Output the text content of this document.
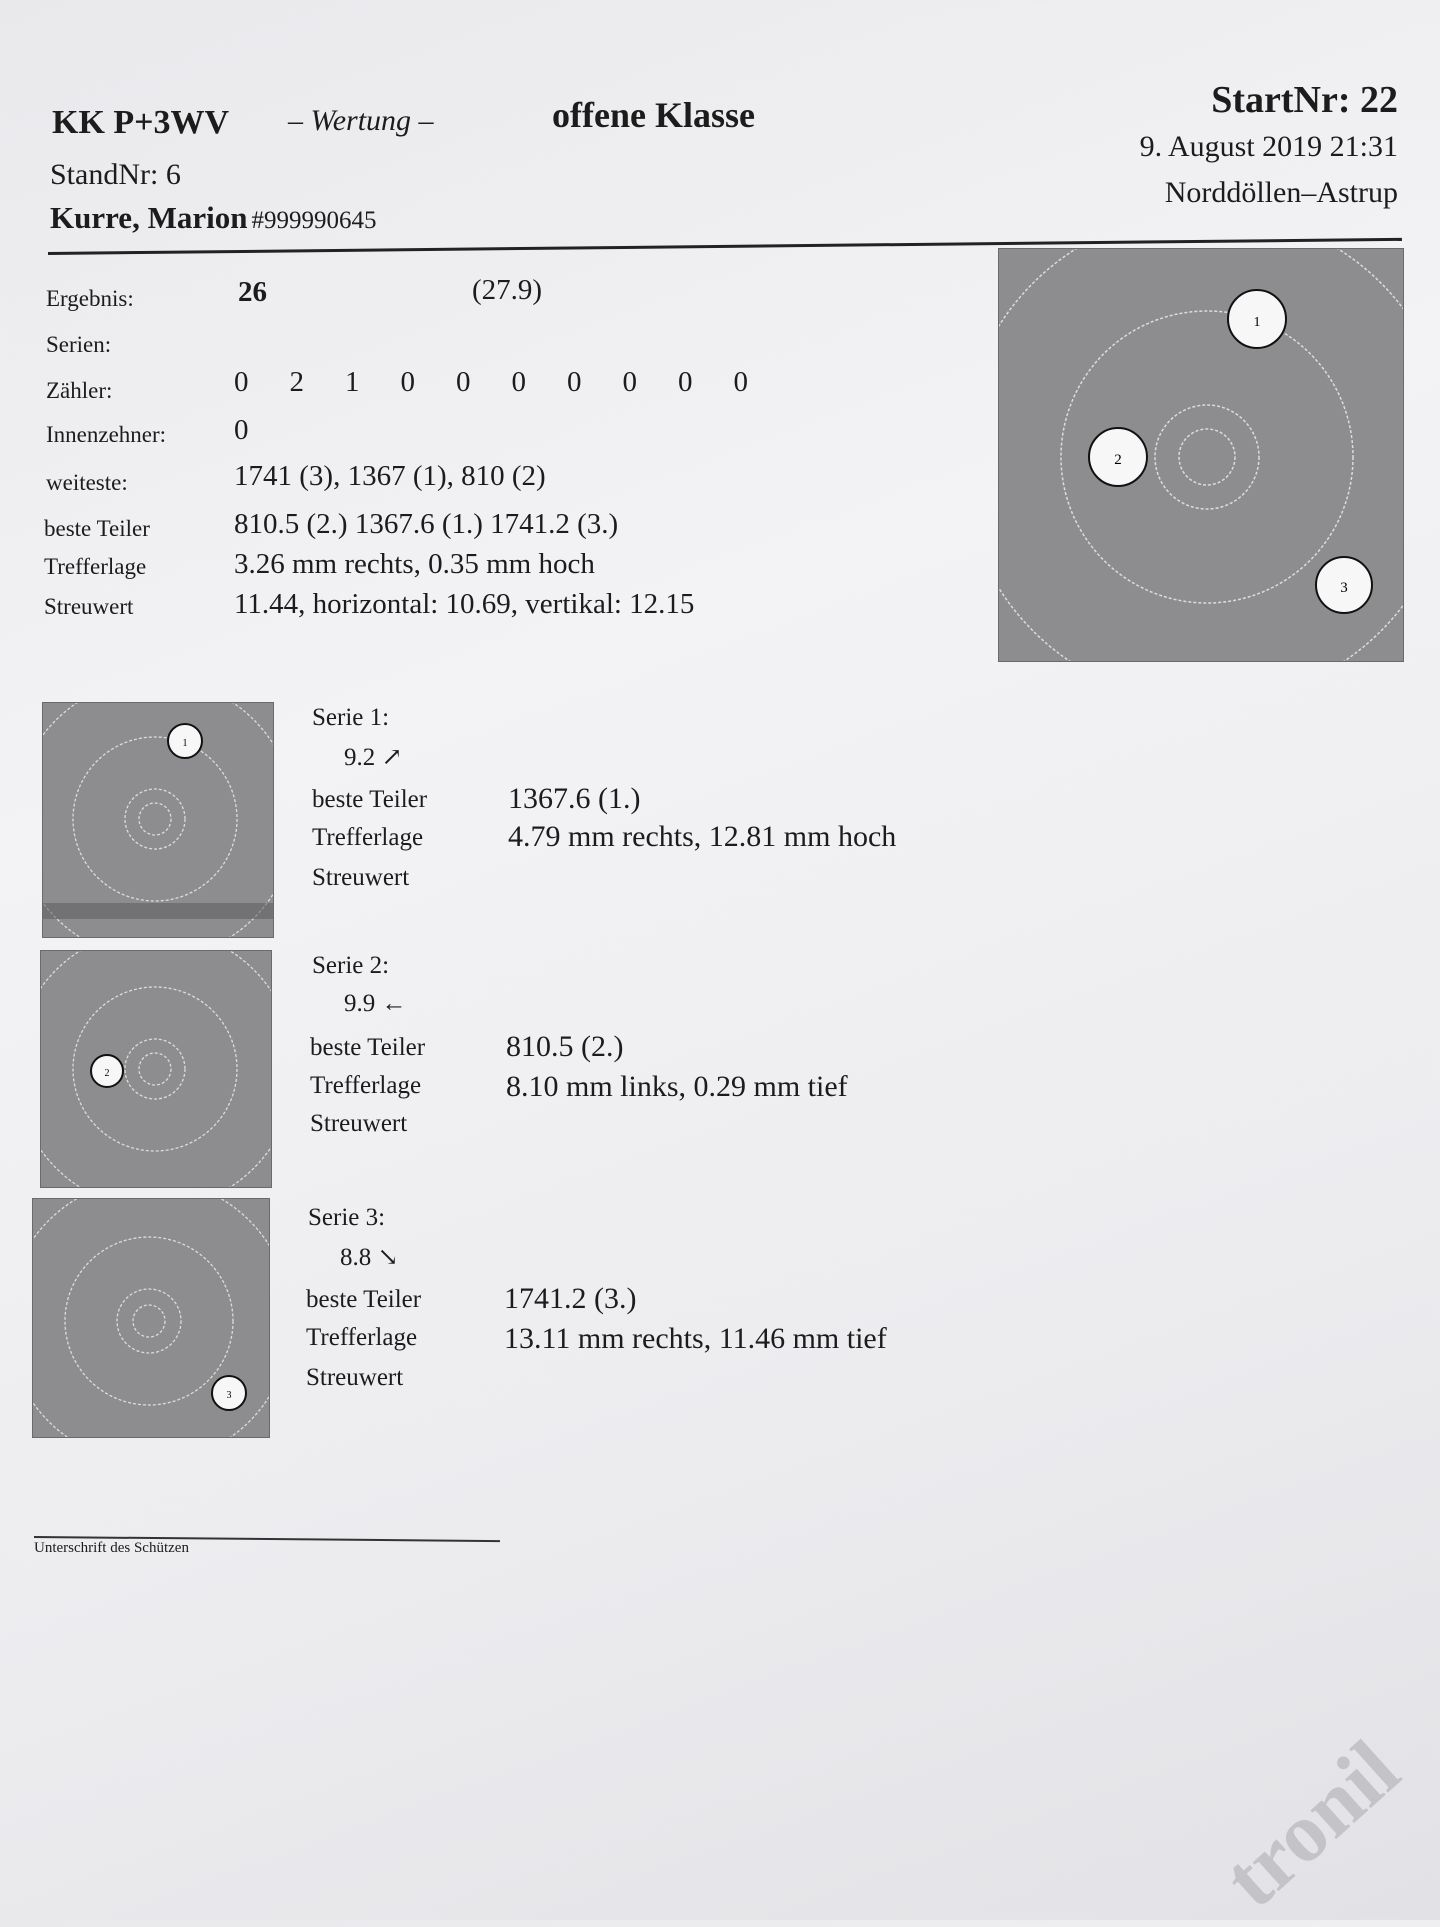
KK P+3WV – Wertung –	offene Klasse	StartNr: 22
9. August 2019 21:31
Norddöllen–Astrup
StandNr: 6
Kurre, Marion #999990645
Ergebnis:	26	(27.9)
Serien:
Zähler:	0	2	1	0	0	0	0	0	0	0
Innenzehner: 0
weiteste:	1741 (3), 1367 (1), 810 (2)
beste Teiler	810.5 (2.) 1367.6 (1.) 1741.2 (3.)
Trefferlage	3.26 mm rechts, 0.35 mm hoch
Streuwert	11.44, horizontal: 10.69, vertikal: 12.15
1
2
3
1
Serie 1:
9.2 ↗
beste Teiler	1367.6 (1.)
Trefferlage	4.79 mm rechts, 12.81 mm hoch
Streuwert
2
Serie 2:
9.9 ←
beste Teiler	810.5 (2.)
Trefferlage	8.10 mm links, 0.29 mm tief
Streuwert
3
Serie 3:
8.8 ↘
beste Teiler	1741.2 (3.)
Trefferlage	13.11 mm rechts, 11.46 mm tief
Streuwert
Unterschrift des Schützen
tronil
